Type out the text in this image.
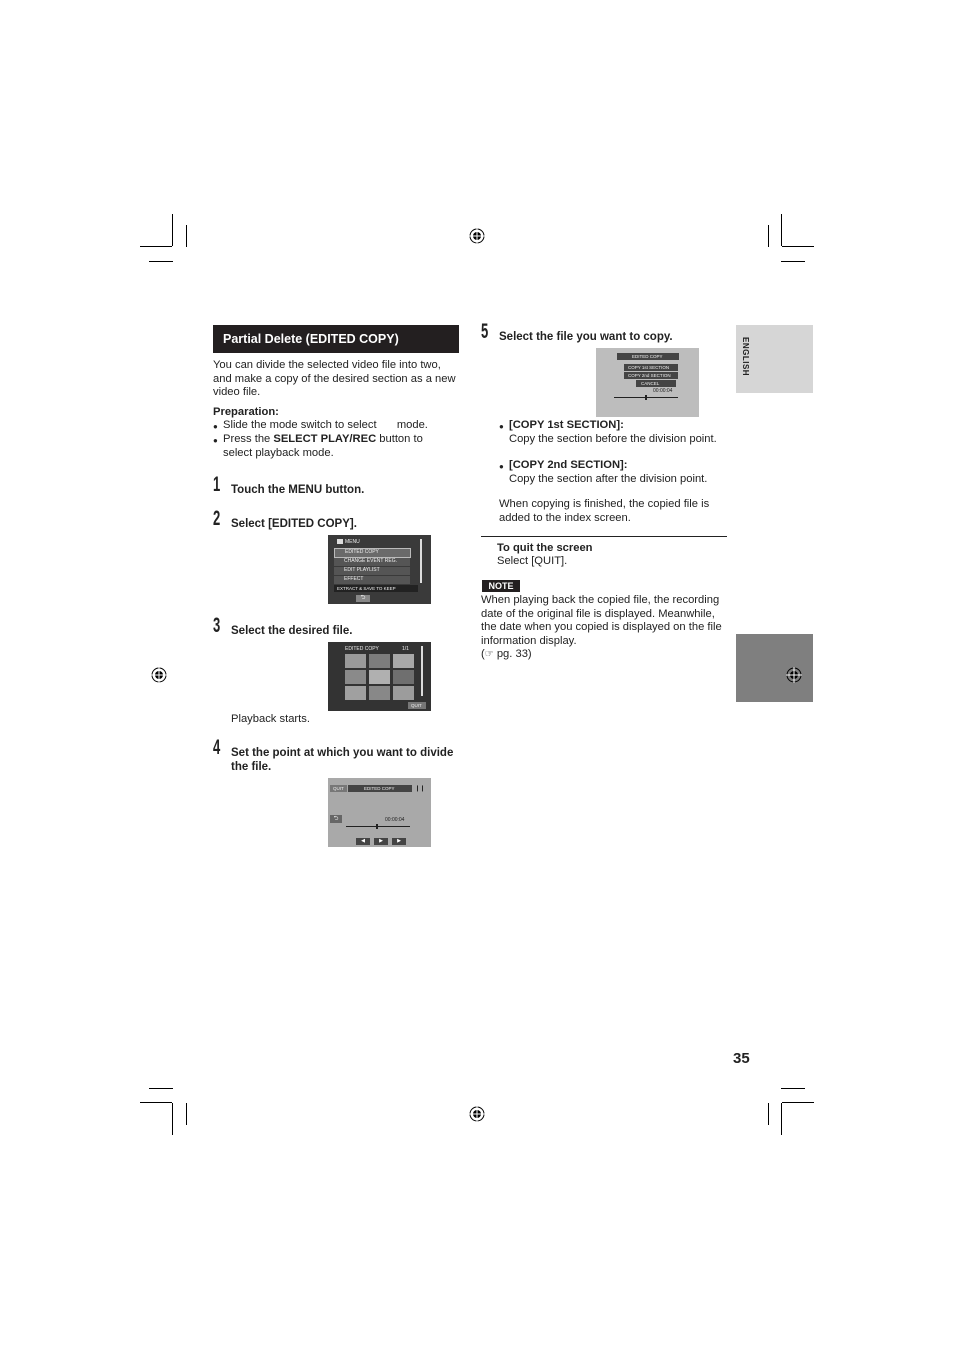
Partial Delete (EDITED COPY)
You can divide the selected video file into two, and make a copy of the desired section as a new video file.
Preparation:
Slide the mode switch to select mode.
Press the SELECT PLAY/REC button to select playback mode.
1 Touch the MENU button.
2 Select [EDITED COPY].
MENU
EDITED COPY
CHANGE EVENT REG.
EDIT PLAYLIST
EFFECT
EXTRACT & SAVE TO KEEP
⮌
3 Select the desired file.
EDITED COPY	1/1
QUIT
Playback starts.
4 Set the point at which you want to divide the file.
QUIT	EDITED COPY	❙❙
⮌	00:00:04
◀	▶	▶
5 Select the file you want to copy.
EDITED COPY
COPY 1st SECTION
COPY 2nd SECTION
CANCEL
00:00:04
[COPY 1st SECTION]:
Copy the section before the division point.
[COPY 2nd SECTION]:
Copy the section after the division point.
When copying is finished, the copied file is added to the index screen.
To quit the screen
Select [QUIT].
NOTE
When playing back the copied file, the recording date of the original file is displayed. Meanwhile, the date when you copied is displayed on the file information display.
(☞ pg. 33)
ENGLISH
35
